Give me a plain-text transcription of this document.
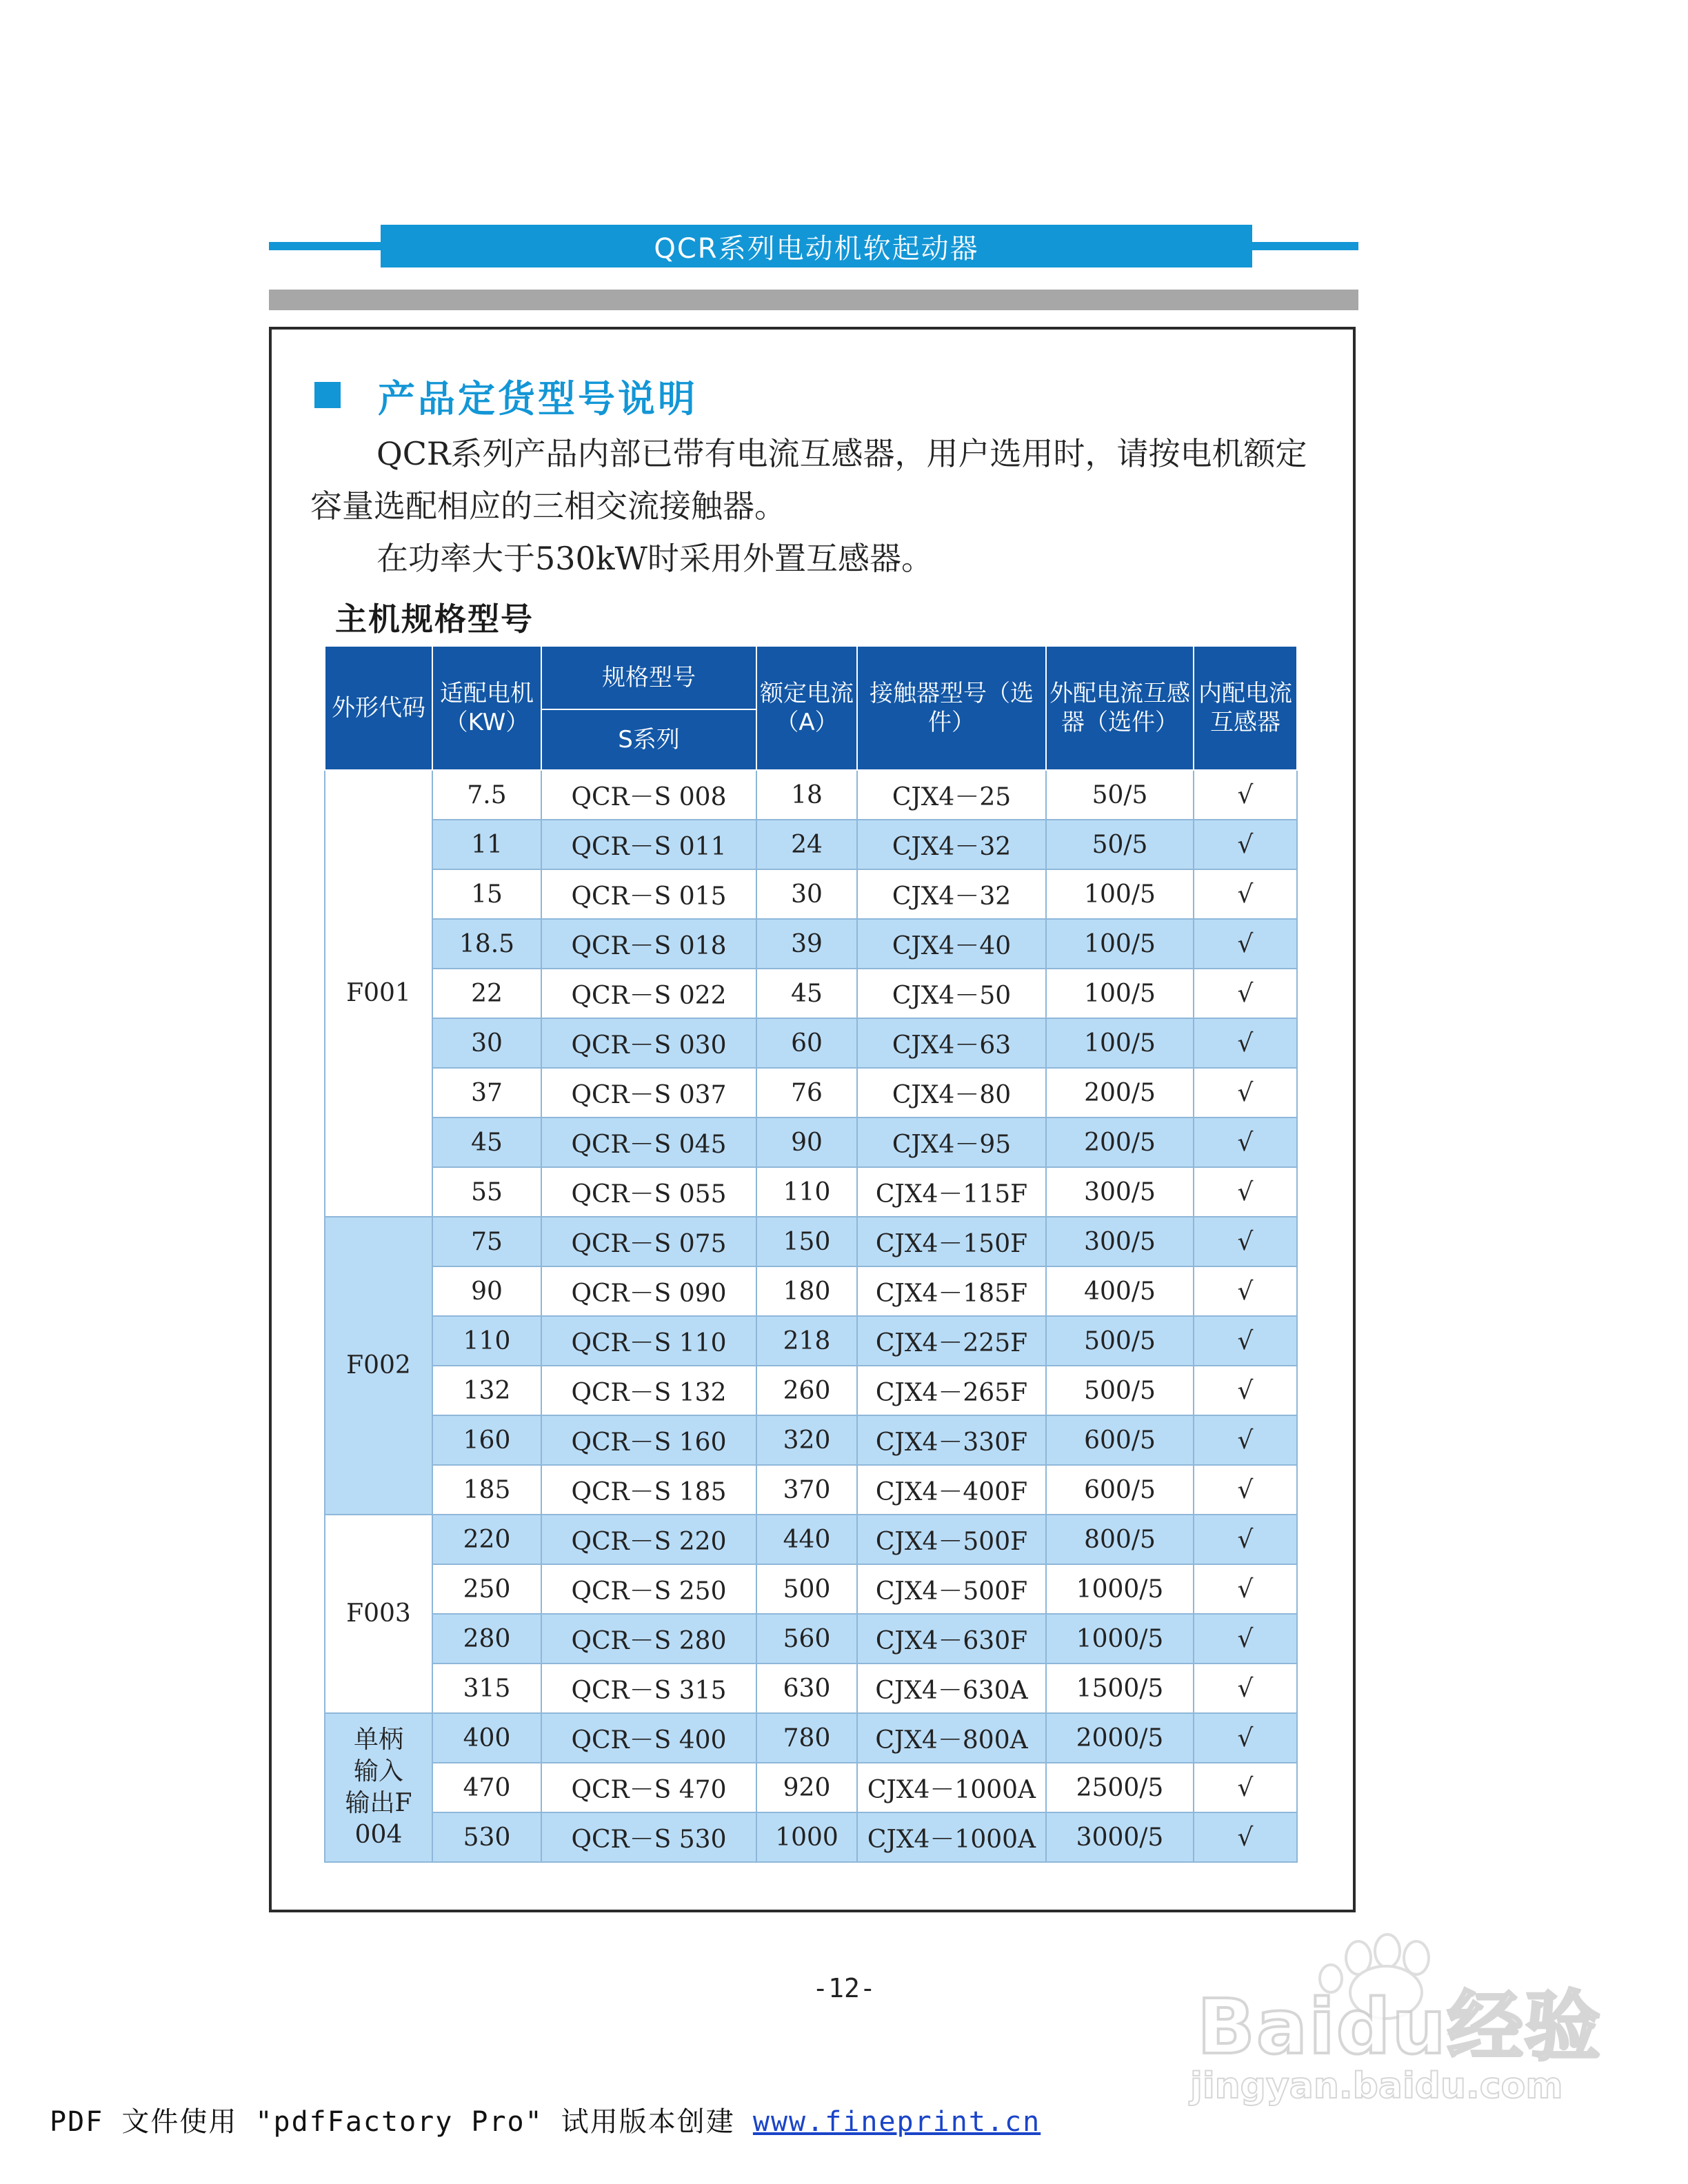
QCR系列电动机软起动器
产品定货型号说明
QCR系列产品内部已带有电流互感器，用户选用时，请按电机额定容量选配相应的三相交流接触器。
在功率大于530kW时采用外置互感器。
主机规格型号
外形代码	适配电机（KW）	规格型号	额定电流（A）	接触器型号（选件）	外配电流互感器（选件）	内配电流互感器
		S系列				
F001	7.5	QCR－S 008	18	CJX4－25	50/5	√
	11	QCR－S 011	24	CJX4－32	50/5	√
	15	QCR－S 015	30	CJX4－32	100/5	√
	18.5	QCR－S 018	39	CJX4－40	100/5	√
	22	QCR－S 022	45	CJX4－50	100/5	√
	30	QCR－S 030	60	CJX4－63	100/5	√
	37	QCR－S 037	76	CJX4－80	200/5	√
	45	QCR－S 045	90	CJX4－95	200/5	√
	55	QCR－S 055	110	CJX4－115F	300/5	√
F002	75	QCR－S 075	150	CJX4－150F	300/5	√
	90	QCR－S 090	180	CJX4－185F	400/5	√
	110	QCR－S 110	218	CJX4－225F	500/5	√
	132	QCR－S 132	260	CJX4－265F	500/5	√
	160	QCR－S 160	320	CJX4－330F	600/5	√
	185	QCR－S 185	370	CJX4－400F	600/5	√
F003	220	QCR－S 220	440	CJX4－500F	800/5	√
	250	QCR－S 250	500	CJX4－500F	1000/5	√
	280	QCR－S 280	560	CJX4－630F	1000/5	√
	315	QCR－S 315	630	CJX4－630A	1500/5	√
单柄输入输出F004	400	QCR－S 400	780	CJX4－800A	2000/5	√
	470	QCR－S 470	920	CJX4－1000A	2500/5	√
	530	QCR－S 530	1000	CJX4－1000A	3000/5	√
-12-
PDF 文件使用 "pdfFactory Pro" 试用版本创建 www.fineprint.cn
Baidu经验
jingyan.baidu.com
